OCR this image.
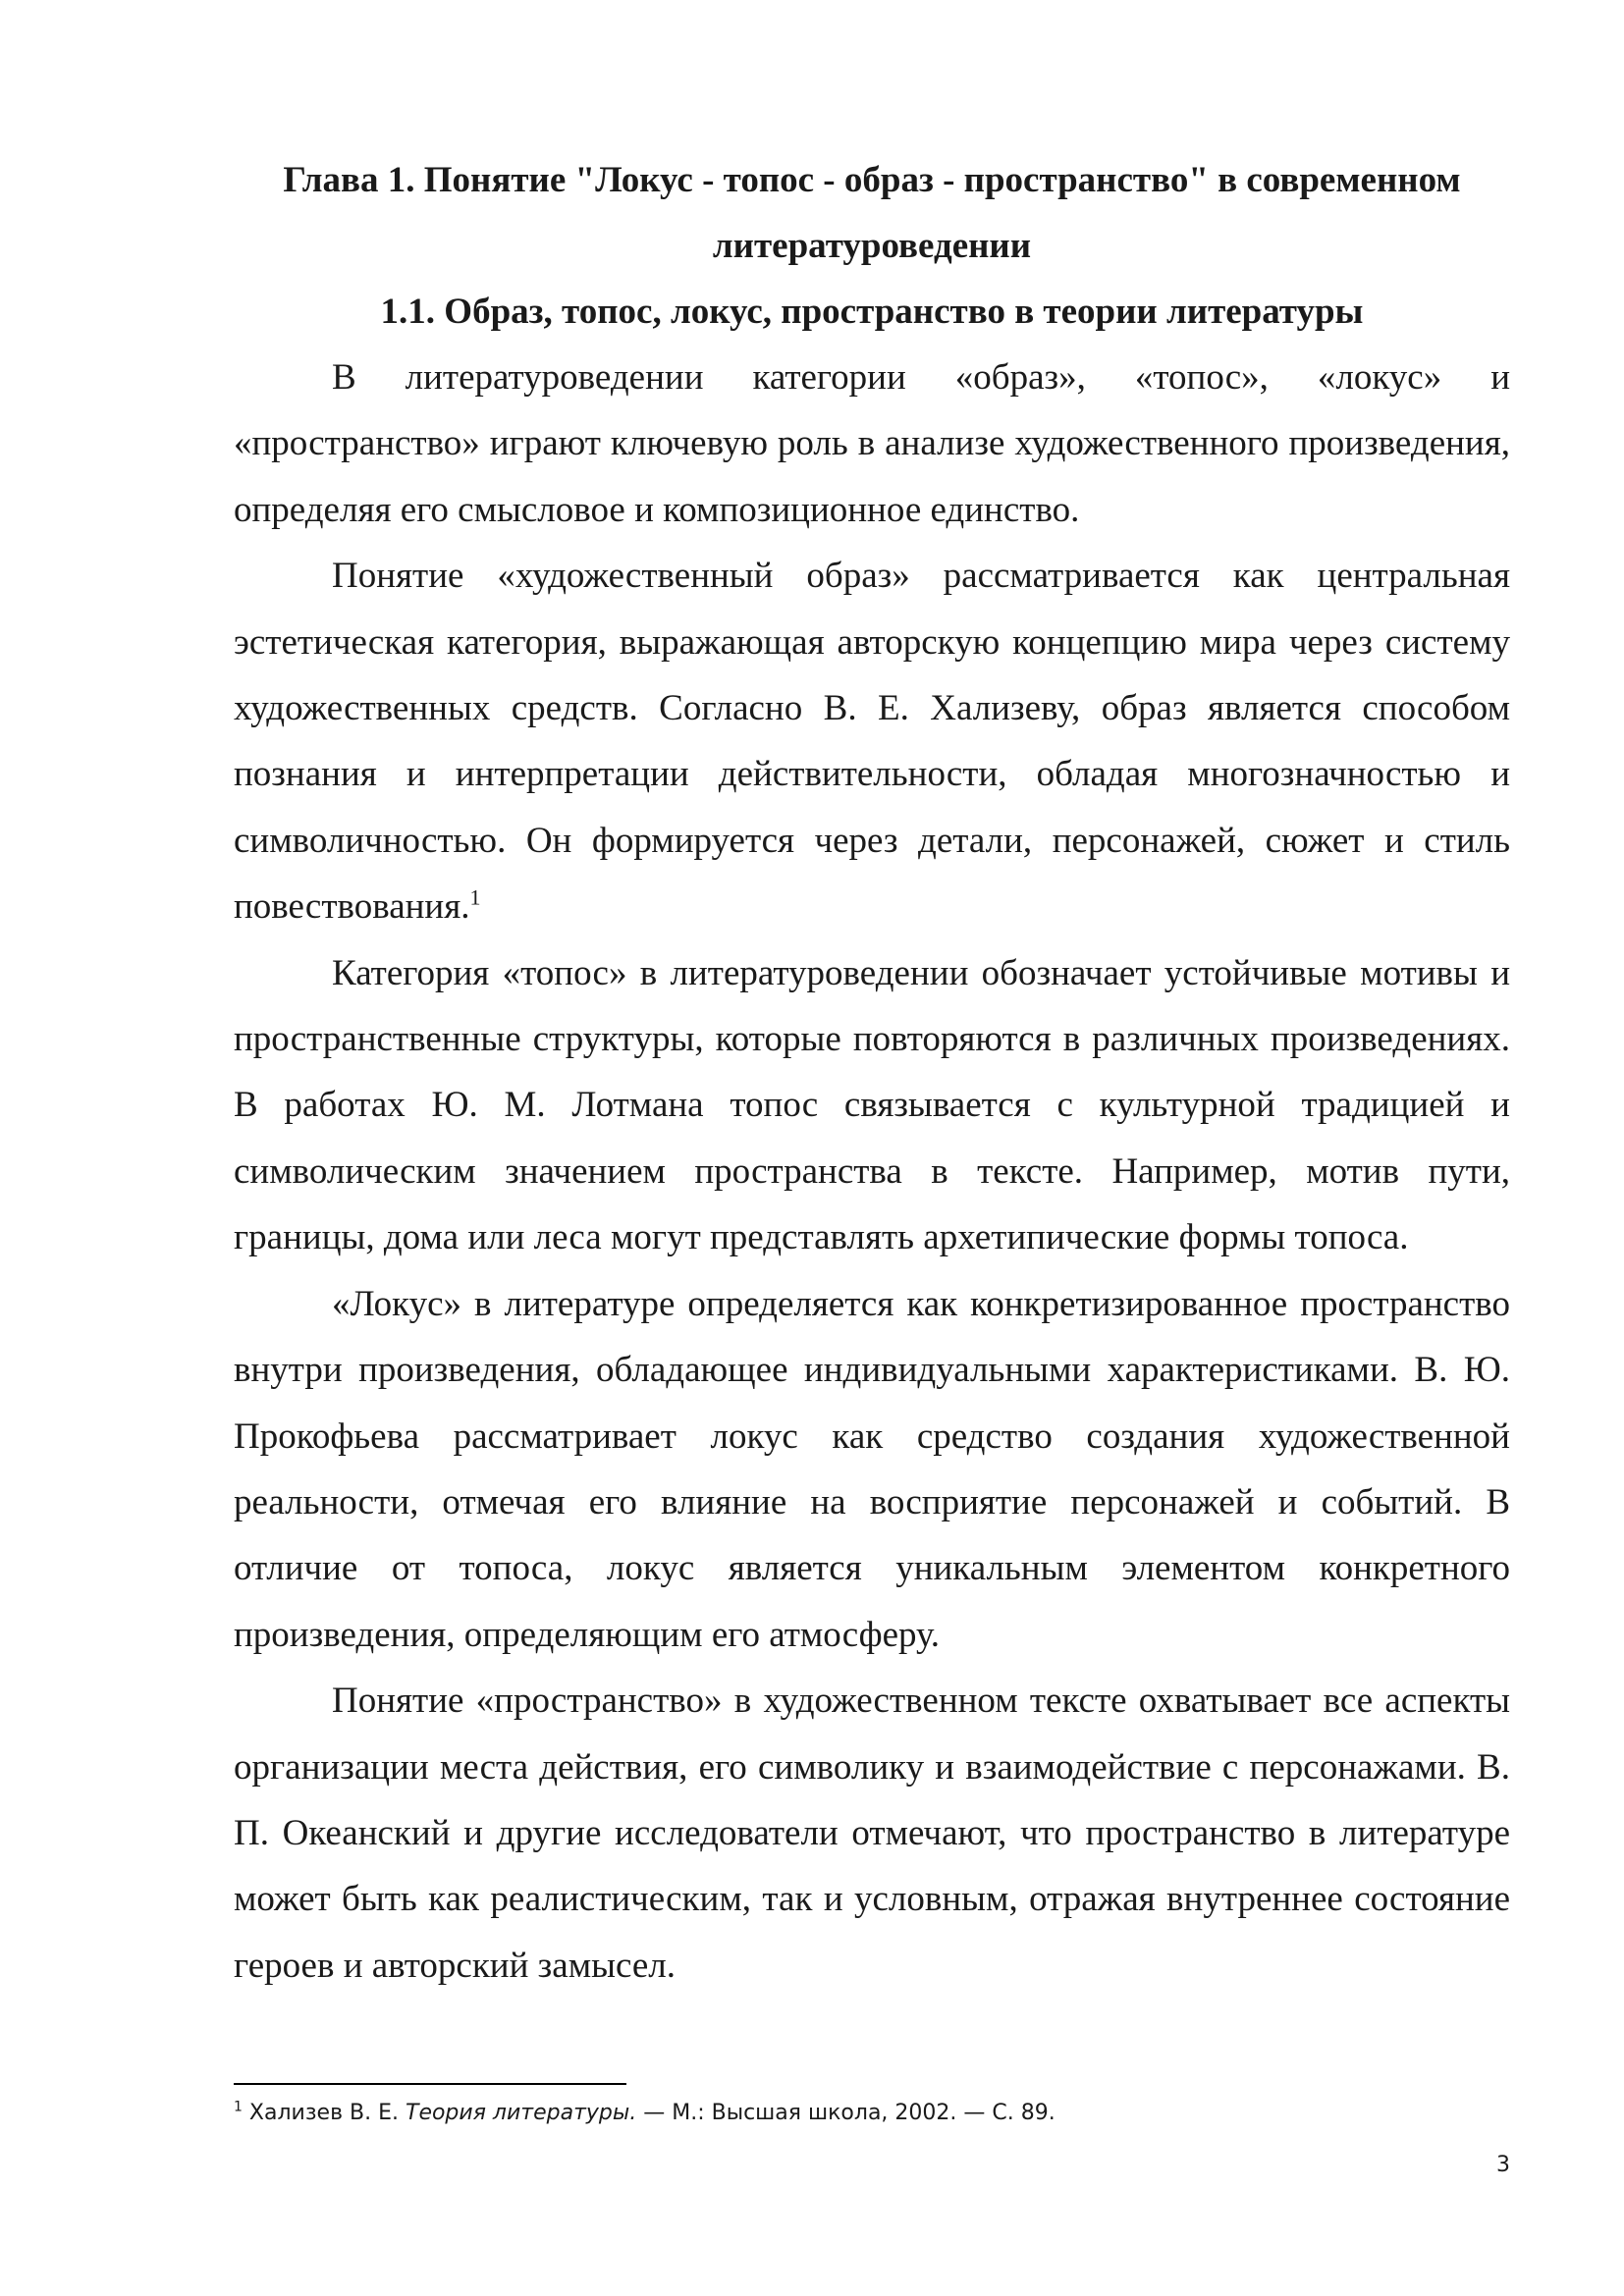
Глава 1. Понятие "Локус - топос - образ - пространство" в современном
литературоведении

1.1. Образ, топос, локус, пространство в теории литературы

В литературоведении категории «образ», «топос», «локус» и «пространство» играют ключевую роль в анализе художественного произведения, определяя его смысловое и композиционное единство.

Понятие «художественный образ» рассматривается как центральная эстетическая категория, выражающая авторскую концепцию мира через систему художественных средств. Согласно В. Е. Хализеву, образ является способом познания и интерпретации действительности, обладая многозначностью и символичностью. Он формируется через детали, персонажей, сюжет и стиль повествования.$^1$

Категория «топос» в литературоведении обозначает устойчивые мотивы и пространственные структуры, которые повторяются в различных произведениях. В работах Ю. М. Лотмана топос связывается с культурной традицией и символическим значением пространства в тексте. Например, мотив пути, границы, дома или леса могут представлять архетипические формы топоса.

«Локус» в литературе определяется как конкретизированное пространство внутри произведения, обладающее индивидуальными характеристиками. В. Ю. Прокофьева рассматривает локус как средство создания художественной реальности, отмечая его влияние на восприятие персонажей и событий. В отличие от топоса, локус является уникальным элементом конкретного произведения, определяющим его атмосферу.

Понятие «пространство» в художественном тексте охватывает все аспекты организации места действия, его символику и взаимодействие с персонажами. В. П. Океанский и другие исследователи отмечают, что пространство в литературе может быть как реалистическим, так и условным, отражая внутреннее состояние героев и авторский замысел.

$^1$ Хализев В. Е. Теория литературы. — М.: Высшая школа, 2002. — С. 89.
3
